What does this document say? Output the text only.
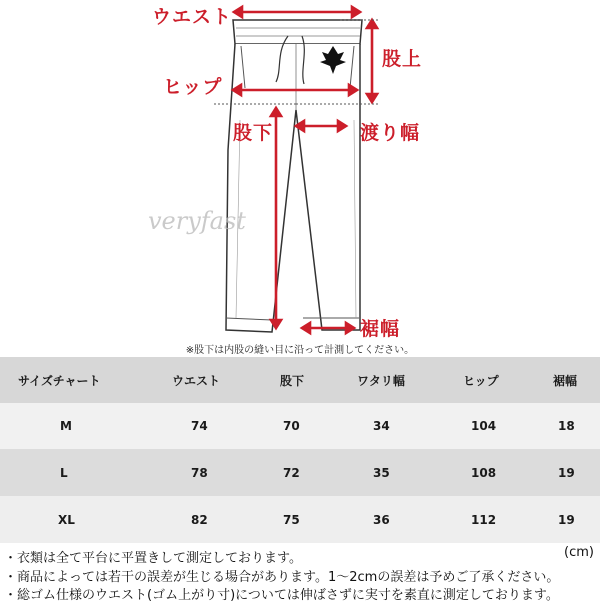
ウエスト
股上
ヒップ
股下	渡り幅
裾幅
veryfast
※股下は内股の縫い目に沿って計測してください。
サイズチャート	ウエスト	股下	ワタリ幅	ヒップ	裾幅
M	74	70	34	104	18
L	78	72	35	108	19
XL	82	75	36	112	19
・衣類は全て平台に平置きして測定しております。	(cm)
・商品によっては若干の誤差が生じる場合があります。1～2cmの誤差は予めご了承ください。
・総ゴム仕様のウエスト(ゴム上がり寸)については伸ばさずに実寸を素直に測定しております。
